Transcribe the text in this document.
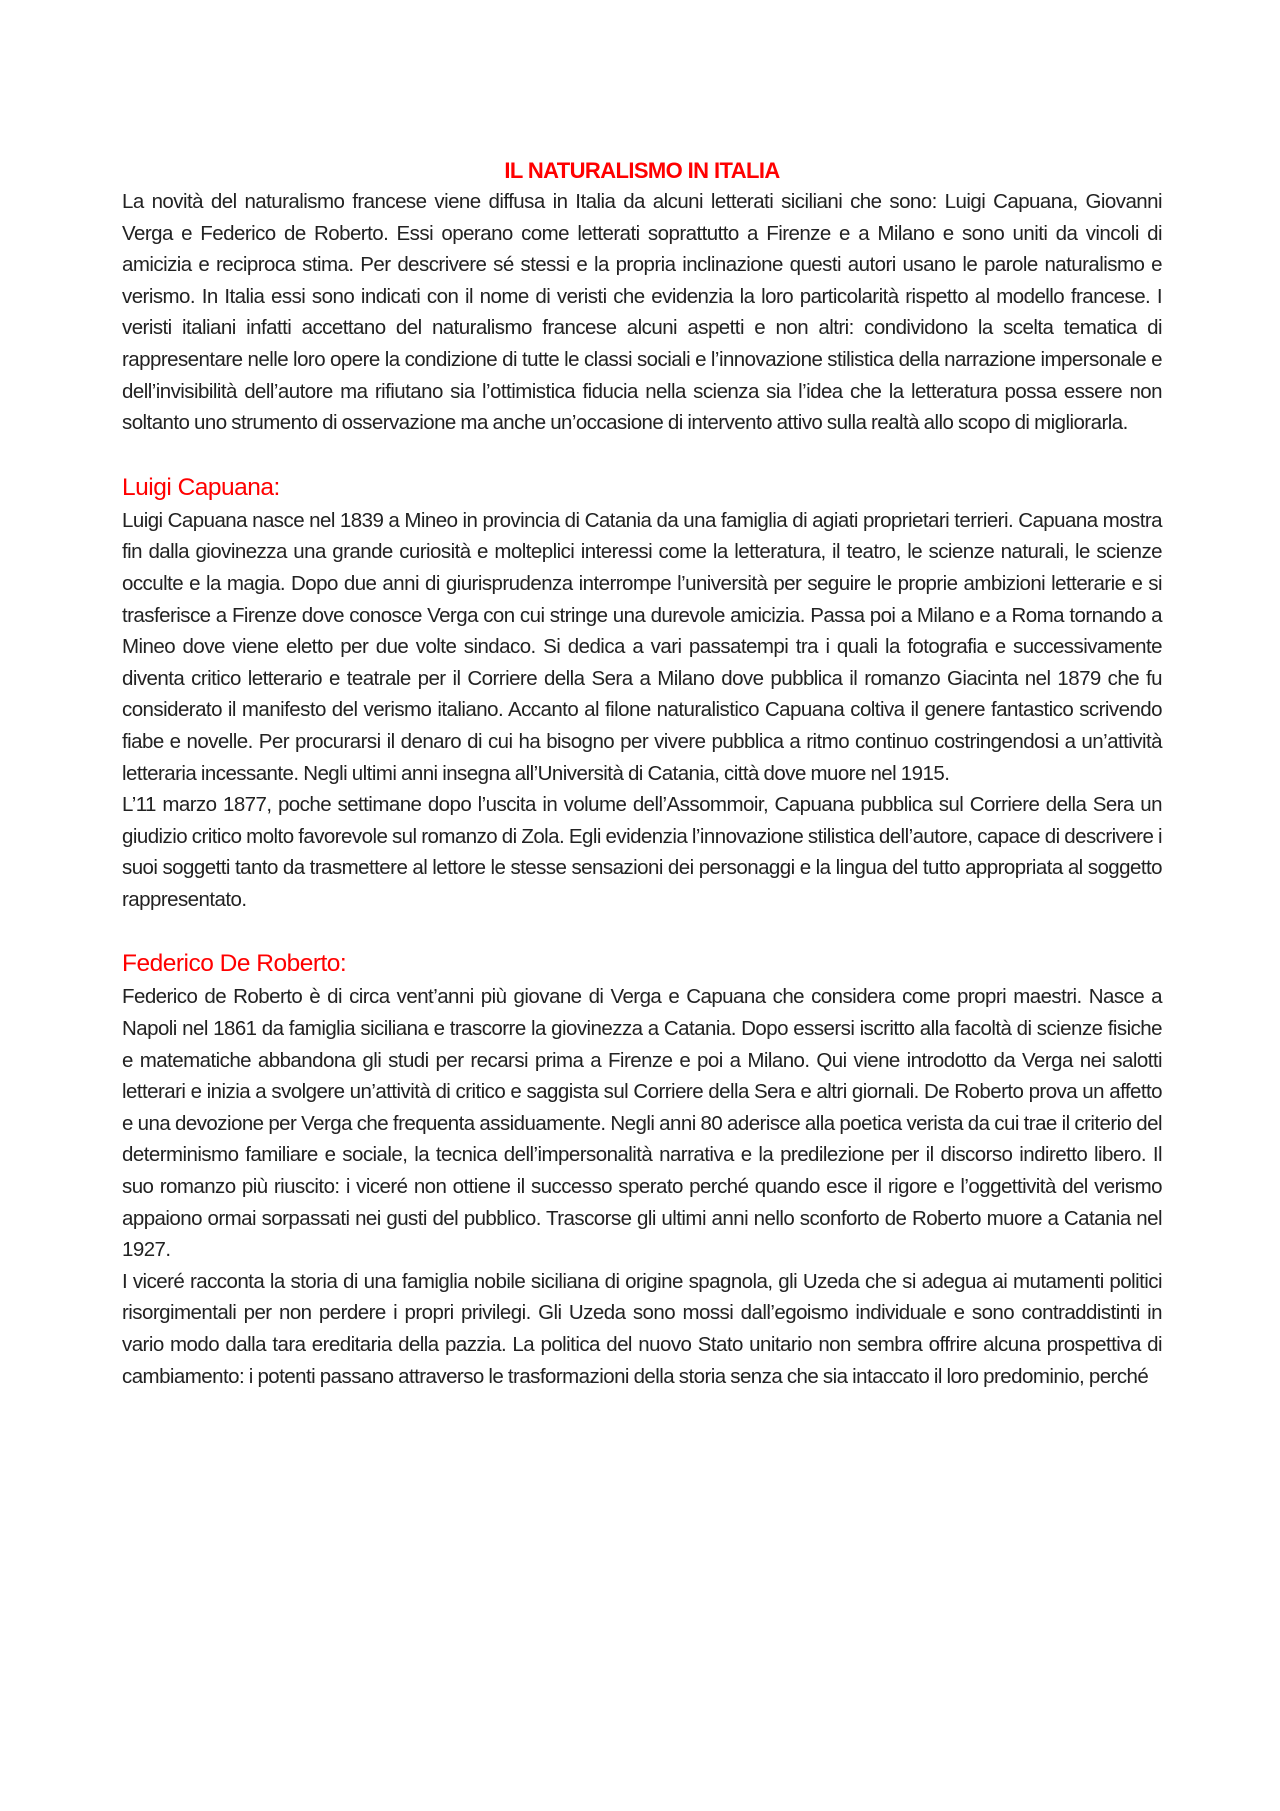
IL NATURALISMO IN ITALIA

La novità del naturalismo francese viene diffusa in Italia da alcuni letterati siciliani che sono: Luigi Capuana, Giovanni Verga e Federico de Roberto. Essi operano come letterati soprattutto a Firenze e a Milano e sono uniti da vincoli di amicizia e reciproca stima. Per descrivere sé stessi e la propria inclinazione questi autori usano le parole naturalismo e verismo. In Italia essi sono indicati con il nome di veristi che evidenzia la loro particolarità rispetto al modello francese. I veristi italiani infatti accettano del naturalismo francese alcuni aspetti e non altri: condividono la scelta tematica di rappresentare nelle loro opere la condizione di tutte le classi sociali e l’innovazione stilistica della narrazione impersonale e dell’invisibilità dell’autore ma rifiutano sia l’ottimistica fiducia nella scienza sia l’idea che la letteratura possa essere non soltanto uno strumento di osservazione ma anche un’occasione di intervento attivo sulla realtà allo scopo di migliorarla.

Luigi Capuana:

Luigi Capuana nasce nel 1839 a Mineo in provincia di Catania da una famiglia di agiati proprietari terrieri. Capuana mostra fin dalla giovinezza una grande curiosità e molteplici interessi come la letteratura, il teatro, le scienze naturali, le scienze occulte e la magia. Dopo due anni di giurisprudenza interrompe l’università per seguire le proprie ambizioni letterarie e si trasferisce a Firenze dove conosce Verga con cui stringe una durevole amicizia. Passa poi a Milano e a Roma tornando a Mineo dove viene eletto per due volte sindaco. Si dedica a vari passatempi tra i quali la fotografia e successivamente diventa critico letterario e teatrale per il Corriere della Sera a Milano dove pubblica il romanzo Giacinta nel 1879 che fu considerato il manifesto del verismo italiano. Accanto al filone naturalistico Capuana coltiva il genere fantastico scrivendo fiabe e novelle. Per procurarsi il denaro di cui ha bisogno per vivere pubblica a ritmo continuo costringendosi a un’attività letteraria incessante. Negli ultimi anni insegna all’Università di Catania, città dove muore nel 1915.

L’11 marzo 1877, poche settimane dopo l’uscita in volume dell’Assommoir, Capuana pubblica sul Corriere della Sera un giudizio critico molto favorevole sul romanzo di Zola. Egli evidenzia l’innovazione stilistica dell’autore, capace di descrivere i suoi soggetti tanto da trasmettere al lettore le stesse sensazioni dei personaggi e la lingua del tutto appropriata al soggetto rappresentato.

Federico De Roberto:

Federico de Roberto è di circa vent’anni più giovane di Verga e Capuana che considera come propri maestri. Nasce a Napoli nel 1861 da famiglia siciliana e trascorre la giovinezza a Catania. Dopo essersi iscritto alla facoltà di scienze fisiche e matematiche abbandona gli studi per recarsi prima a Firenze e poi a Milano. Qui viene introdotto da Verga nei salotti letterari e inizia a svolgere un’attività di critico e saggista sul Corriere della Sera e altri giornali. De Roberto prova un affetto e una devozione per Verga che frequenta assiduamente. Negli anni 80 aderisce alla poetica verista da cui trae il criterio del determinismo familiare e sociale, la tecnica dell’impersonalità narrativa e la predilezione per il discorso indiretto libero. Il suo romanzo più riuscito: i viceré non ottiene il successo sperato perché quando esce il rigore e l’oggettività del verismo appaiono ormai sorpassati nei gusti del pubblico. Trascorse gli ultimi anni nello sconforto de Roberto muore a Catania nel 1927.

I viceré racconta la storia di una famiglia nobile siciliana di origine spagnola, gli Uzeda che si adegua ai mutamenti politici risorgimentali per non perdere i propri privilegi. Gli Uzeda sono mossi dall’egoismo individuale e sono contraddistinti in vario modo dalla tara ereditaria della pazzia. La politica del nuovo Stato unitario non sembra offrire alcuna prospettiva di cambiamento: i potenti passano attraverso le trasformazioni della storia senza che sia intaccato il loro predominio, perché
